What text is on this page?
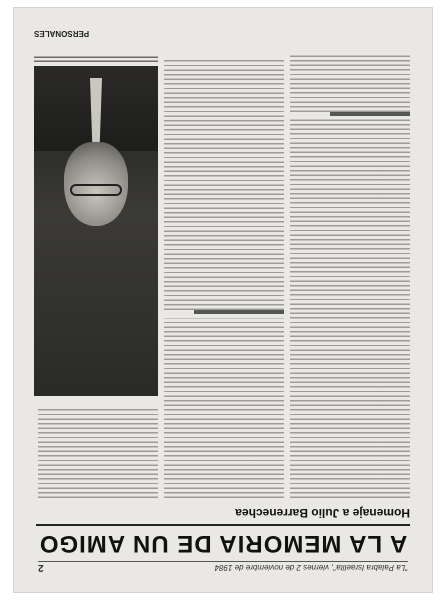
"La Palabra Israelita", viernes 2 de noviembre de 1984
2
A LA MEMORIA DE UN AMIGO
Homenaje a Julio Barrenechea
PERSONALES
